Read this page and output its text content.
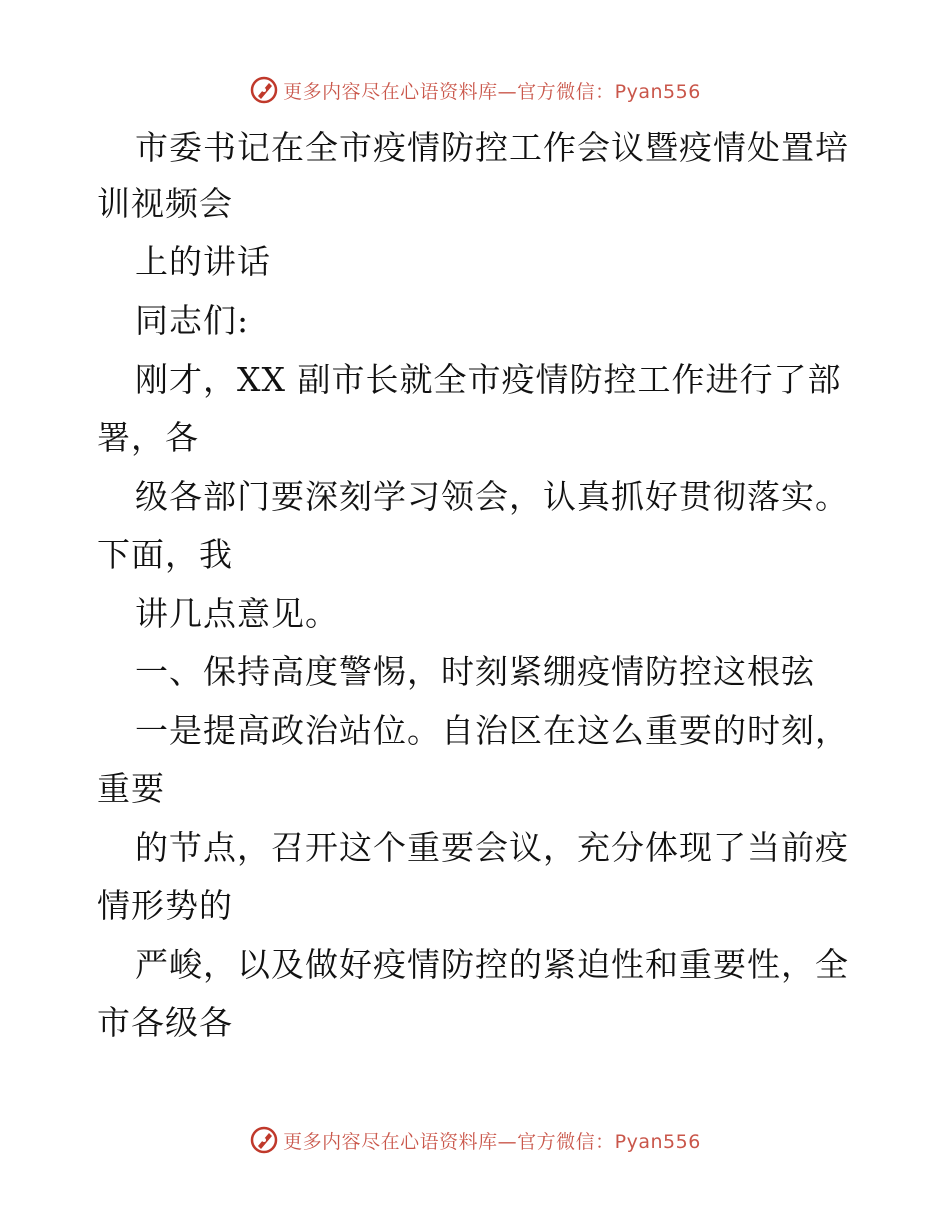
更多内容尽在心语资料库—官方微信：Pyan556
市委书记在全市疫情防控工作会议暨疫情处置培
训视频会
上的讲话
同志们:
刚才，XX 副市长就全市疫情防控工作进行了部
署，各
级各部门要深刻学习领会，认真抓好贯彻落实。
下面，我
讲几点意见。
一、保持高度警惕，时刻紧绷疫情防控这根弦
一是提高政治站位。自治区在这么重要的时刻，
重要
的节点，召开这个重要会议，充分体现了当前疫
情形势的
严峻，以及做好疫情防控的紧迫性和重要性，全
市各级各
更多内容尽在心语资料库—官方微信：Pyan556
